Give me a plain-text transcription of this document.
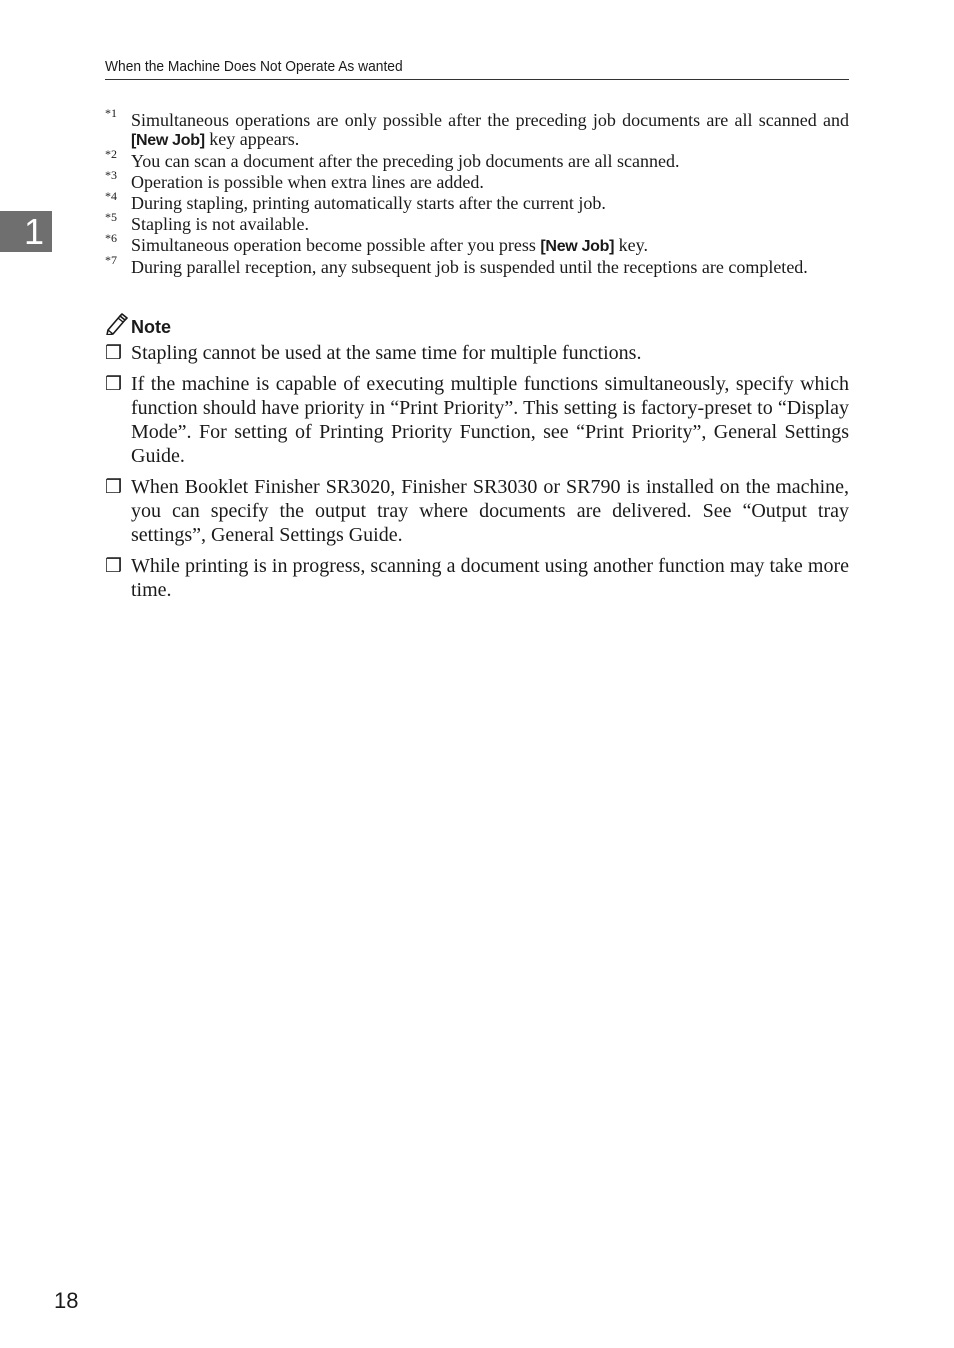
When the Machine Does Not Operate As wanted
1
*1 Simultaneous operations are only possible after the preceding job documents are all scanned and [New Job] key appears.
*2 You can scan a document after the preceding job documents are all scanned.
*3 Operation is possible when extra lines are added.
*4 During stapling, printing automatically starts after the current job.
*5 Stapling is not available.
*6 Simultaneous operation become possible after you press [New Job] key.
*7 During parallel reception, any subsequent job is suspended until the receptions are completed.
Note
❒ Stapling cannot be used at the same time for multiple functions.
❒ If the machine is capable of executing multiple functions simultaneously, specify which function should have priority in “Print Priority”. This setting is factory-preset to “Display Mode”. For setting of Printing Priority Function, see “Print Priority”, General Settings Guide.
❒ When Booklet Finisher SR3020, Finisher SR3030 or SR790 is installed on the machine, you can specify the output tray where documents are delivered. See “Output tray settings”, General Settings Guide.
❒ While printing is in progress, scanning a document using another function may take more time.
18
